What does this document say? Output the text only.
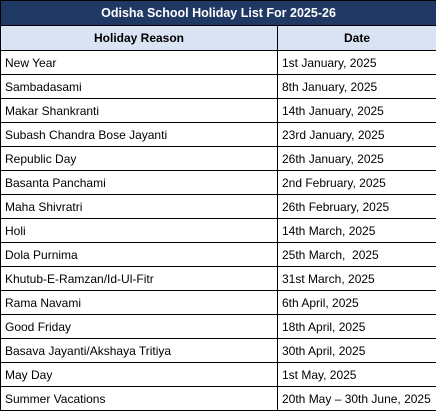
Odisha School Holiday List For 2025-26	
Holiday Reason	Date
New Year	1st January, 2025
Sambadasami	8th January, 2025
Makar Shankranti	14th January, 2025
Subash Chandra Bose Jayanti	23rd January, 2025
Republic Day	26th January, 2025
Basanta Panchami	2nd February, 2025
Maha Shivratri	26th February, 2025
Holi	14th March, 2025
Dola Purnima	25th March,  2025
Khutub-E-Ramzan/Id-Ul-Fitr	31st March, 2025
Rama Navami	6th April, 2025
Good Friday	18th April, 2025
Basava Jayanti/Akshaya Tritiya	30th April, 2025
May Day	1st May, 2025
Summer Vacations	20th May – 30th June, 2025
